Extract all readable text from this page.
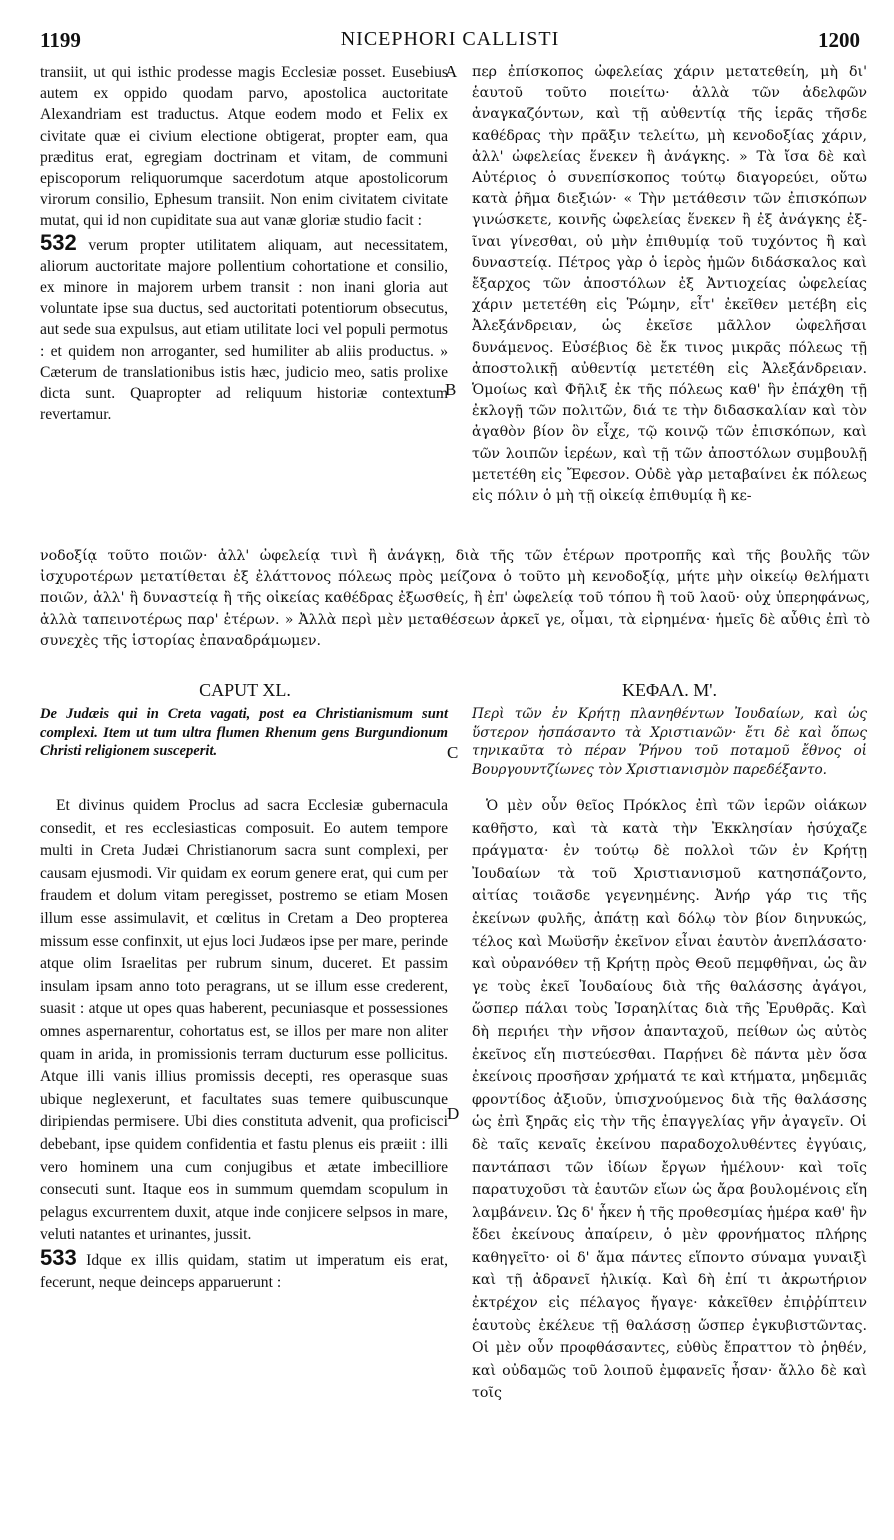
1199	NICEPHORI CALLISTI	1200
A
B
C
D

transiit, ut qui isthic prodesse magis Ecclesiæ posset. Eusebius autem ex oppido quodam parvo, apostolica auctoritate Alexandriam est traductus. Atque eodem modo et Felix ex civitate quæ ei civium electione obtigerat, propter eam, qua præditus erat, egregiam doctrinam et vitam, de communi episcoporum reliquorumque sacerdotum atque apostolicorum virorum consilio, Ephesum transiit. Non enim civitatem civitate mutat, qui id non cupiditate sua aut vanæ gloriæ studio facit :

532 verum propter utilitatem aliquam, aut necessitatem, aliorum auctoritate majore pollentium cohortatione et consilio, ex minore in majorem urbem transit : non inani gloria aut voluntate ipse sua ductus, sed auctoritati potentiorum obsecutus, aut sede sua expulsus, aut etiam utilitate loci vel populi permotus : et quidem non arroganter, sed humiliter ab aliis productus. » Cæterum de translationibus istis hæc, judicio meo, satis prolixe dicta sunt. Quapropter ad reliquum historiæ contextum revertamur.

περ ἐπίσκοπος ὠφελείας χάριν μετατεθείη, μὴ δι' ἑαυτοῦ τοῦτο ποιείτω· ἀλλὰ τῶν ἀδελφῶν ἀναγκαζόντων, καὶ τῇ αὐθεντίᾳ τῆς ἱερᾶς τῆσδε καθέδρας τὴν πρᾶξιν τελείτω, μὴ κενοδοξίας χάριν, ἀλλ' ὠφελείας ἕνεκεν ἢ ἀνάγκης. » Τὰ ἴσα δὲ καὶ Αὐτέριος ὁ συνεπίσκοπος τούτῳ διαγορεύει, οὕτω κατὰ ῥῆμα διεξιών· « Τὴν μετάθεσιν τῶν ἐπισκόπων γινώσκετε, κοινῆς ὠφελείας ἕνεκεν ἢ ἐξ ἀνάγκης ἐξ-ῖναι γίνεσθαι, οὐ μὴν ἐπιθυμίᾳ τοῦ τυχόντος ἢ καὶ δυναστείᾳ. Πέτρος γὰρ ὁ ἱερὸς ἡμῶν διδάσκαλος καὶ ἔξαρχος τῶν ἀποστόλων ἐξ Ἀντιοχείας ὠφελείας χάριν μετετέθη εἰς Ῥώμην, εἶτ' ἐκεῖθεν μετέβη εἰς Ἀλεξάνδρειαν, ὡς ἐκεῖσε μᾶλλον ὠφελῆσαι δυνάμενος. Εὐσέβιος δὲ ἔκ τινος μικρᾶς πόλεως τῇ ἀποστολικῇ αὐθεντίᾳ μετετέθη εἰς Ἀλεξάνδρειαν. Ὁμοίως καὶ Φῆλιξ ἐκ τῆς πόλεως καθ' ἣν ἐπάχθη τῇ ἐκλογῇ τῶν πολιτῶν, διά τε τὴν διδασκαλίαν καὶ τὸν ἀγαθὸν βίον ὃν εἶχε, τῷ κοινῷ τῶν ἐπισκόπων, καὶ τῶν λοιπῶν ἱερέων, καὶ τῇ τῶν ἀποστόλων συμβουλῇ μετετέθη εἰς Ἔφεσον. Οὐδὲ γὰρ μεταβαίνει ἐκ πόλεως εἰς πόλιν ὁ μὴ τῇ οἰκείᾳ ἐπιθυμίᾳ ἢ κε-

νοδοξίᾳ τοῦτο ποιῶν· ἀλλ' ὠφελείᾳ τινὶ ἢ ἀνάγκῃ, διὰ τῆς τῶν ἑτέρων προτροπῆς καὶ τῆς βουλῆς τῶν ἰσχυροτέρων μετατίθεται ἐξ ἐλάττονος πόλεως πρὸς μείζονα ὁ τοῦτο μὴ κενοδοξίᾳ, μήτε μὴν οἰκείῳ θελήματι ποιῶν, ἀλλ' ἢ δυναστείᾳ ἢ τῆς οἰκείας καθέδρας ἐξωσθείς, ἢ ἐπ' ὠφελείᾳ τοῦ τόπου ἢ τοῦ λαοῦ· οὐχ ὑπερηφάνως, ἀλλὰ ταπεινοτέρως παρ' ἑτέρων. » Ἀλλὰ περὶ μὲν μεταθέσεων ἀρκεῖ γε, οἶμαι, τὰ εἰρημένα· ἡμεῖς δὲ αὖθις ἐπὶ τὸ συνεχὲς τῆς ἱστορίας ἐπαναδράμωμεν.
CAPUT XL.	ΚΕΦΑΛ. Μ'.
De Judæis qui in Creta vagati, post ea Christianismum sunt complexi. Item ut tum ultra flumen Rhenum gens Burgundionum Christi religionem susceperit.
Περὶ τῶν ἐν Κρήτῃ πλανηθέντων Ἰουδαίων, καὶ ὡς ὕστερον ἠσπάσαντο τὰ Χριστιανῶν· ἔτι δὲ καὶ ὅπως τηνικαῦτα τὸ πέραν Ῥήνου τοῦ ποταμοῦ ἔθνος οἱ Βουργουντζίωνες τὸν Χριστιανισμὸν παρεδέξαντο.

Et divinus quidem Proclus ad sacra Ecclesiæ gubernacula consedit, et res ecclesiasticas composuit. Eo autem tempore multi in Creta Judæi Christianorum sacra sunt complexi, per causam ejusmodi. Vir quidam ex eorum genere erat, qui cum per fraudem et dolum vitam peregisset, postremo se etiam Mosen illum esse assimulavit, et cœlitus in Cretam a Deo propterea missum esse confinxit, ut ejus loci Judæos ipse per mare, perinde atque olim Israelitas per rubrum sinum, duceret. Et passim insulam ipsam anno toto peragrans, ut se illum esse crederent, suasit : atque ut opes quas haberent, pecuniasque et possessiones omnes aspernarentur, cohortatus est, se illos per mare non aliter quam in arida, in promissionis terram ducturum esse pollicitus. Atque illi vanis illius promissis decepti, res operasque suas ubique neglexerunt, et facultates suas temere quibuscunque diripiendas permisere. Ubi dies constituta advenit, qua proficisci debebant, ipse quidem confidentia et fastu plenus eis præiit : illi vero hominem una cum conjugibus et ætate imbecilliore consecuti sunt. Itaque eos in summum quemdam scopulum in pelagus excurrentem duxit, atque inde conjicere selpsos in mare, veluti natantes et urinantes, jussit.

533 Idque ex illis quidam, statim ut imperatum eis erat, fecerunt, neque deinceps apparuerunt :

Ὁ μὲν οὖν θεῖος Πρόκλος ἐπὶ τῶν ἱερῶν οἰάκων καθῆστο, καὶ τὰ κατὰ τὴν Ἐκκλησίαν ἡσύχαζε πράγματα· ἐν τούτῳ δὲ πολλοὶ τῶν ἐν Κρήτῃ Ἰουδαίων τὰ τοῦ Χριστιανισμοῦ κατησπάζοντο, αἰτίας τοιᾶσδε γεγενημένης. Ἀνήρ γάρ τις τῆς ἐκείνων φυλῆς, ἀπάτῃ καὶ δόλῳ τὸν βίον διηνυκώς, τέλος καὶ Μωϋσῆν ἐκεῖνον εἶναι ἑαυτὸν ἀνεπλάσατο· καὶ οὐρανόθεν τῇ Κρήτῃ πρὸς Θεοῦ πεμφθῆναι, ὡς ἂν γε τοὺς ἐκεῖ Ἰουδαίους διὰ τῆς θαλάσσης ἀγάγοι, ὥσπερ πάλαι τοὺς Ἰσραηλίτας διὰ τῆς Ἐρυθρᾶς. Καὶ δὴ περιήει τὴν νῆσον ἁπανταχοῦ, πείθων ὡς αὐτὸς ἐκεῖνος εἴη πιστεύεσθαι. Παρῄνει δὲ πάντα μὲν ὅσα ἐκείνοις προσῆσαν χρήματά τε καὶ κτήματα, μηδεμιᾶς φροντίδος ἀξιοῦν, ὑπισχνούμενος διὰ τῆς θαλάσσης ὡς ἐπὶ ξηρᾶς εἰς τὴν τῆς ἐπαγγελίας γῆν ἀγαγεῖν. Οἱ δὲ ταῖς κεναῖς ἐκείνου παραδοχολυθέντες ἐγγύαις, παντάπασι τῶν ἰδίων ἔργων ἠμέλουν· καὶ τοῖς παρατυχοῦσι τὰ ἑαυτῶν εἴων ὡς ἄρα βουλομένοις εἴη λαμβάνειν. Ὡς δ' ἧκεν ἡ τῆς προθεσμίας ἡμέρα καθ' ἣν ἔδει ἐκείνους ἀπαίρειν, ὁ μὲν φρονήματος πλήρης καθηγεῖτο· οἱ δ' ἅμα πάντες εἵποντο σύναμα γυναιξὶ καὶ τῇ ἀδρανεῖ ἡλικίᾳ. Καὶ δὴ ἐπί τι ἀκρωτήριον ἐκτρέχον εἰς πέλαγος ἤγαγε· κἀκεῖθεν ἐπιῤῥίπτειν ἑαυτοὺς ἐκέλευε τῇ θαλάσσῃ ὥσπερ ἐγκυβιστῶντας. Οἱ μὲν οὖν προφθάσαντες, εὐθὺς ἔπραττον τὸ ῥηθέν, καὶ οὐδαμῶς τοῦ λοιποῦ ἐμφανεῖς ἦσαν· ἄλλο δὲ καὶ τοῖς
